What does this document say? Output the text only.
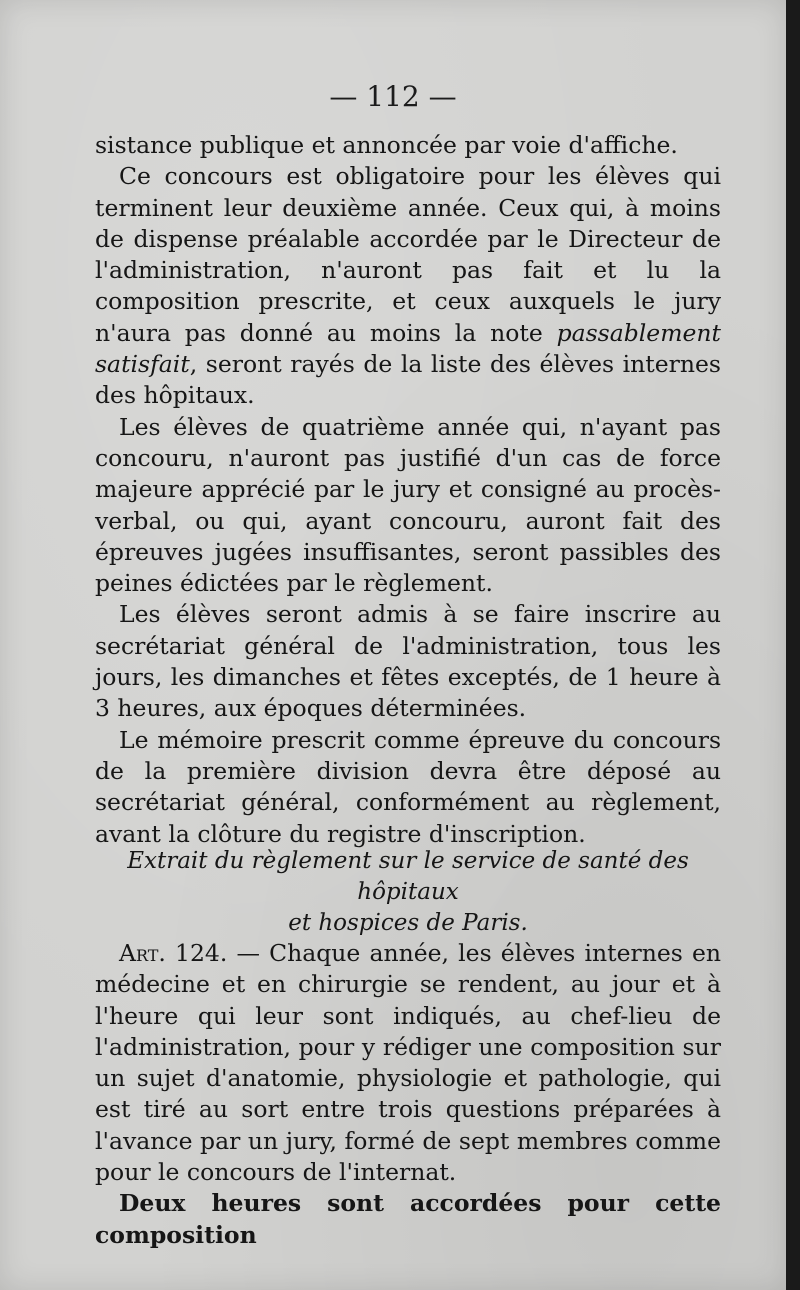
— 112 —

sistance publique et annoncée par voie d'affiche.

Ce concours est obligatoire pour les élèves qui terminent leur deuxième année. Ceux qui, à moins de dispense préalable accordée par le Directeur de l'administration, n'auront pas fait et lu la composition prescrite, et ceux auxquels le jury n'aura pas donné au moins la note passablement satisfait, seront rayés de la liste des élèves internes des hôpitaux.

Les élèves de quatrième année qui, n'ayant pas concouru, n'auront pas justifié d'un cas de force majeure apprécié par le jury et consigné au procès-verbal, ou qui, ayant concouru, auront fait des épreuves jugées insuffisantes, seront passibles des peines édictées par le règlement.

Les élèves seront admis à se faire inscrire au secrétariat général de l'administration, tous les jours, les dimanches et fêtes exceptés, de 1 heure à 3 heures, aux époques déterminées.

Le mémoire prescrit comme épreuve du concours de la première division devra être déposé au secrétariat général, conformément au règlement, avant la clôture du registre d'inscription.

Extrait du règlement sur le service de santé des hôpitaux
et hospices de Paris.

Art. 124. — Chaque année, les élèves internes en médecine et en chirurgie se rendent, au jour et à l'heure qui leur sont indiqués, au chef-lieu de l'administration, pour y rédiger une composition sur un sujet d'anatomie, physiologie et pathologie, qui est tiré au sort entre trois questions préparées à l'avance par un jury, formé de sept membres comme pour le concours de l'internat.

Deux heures sont accordées pour cette composition
